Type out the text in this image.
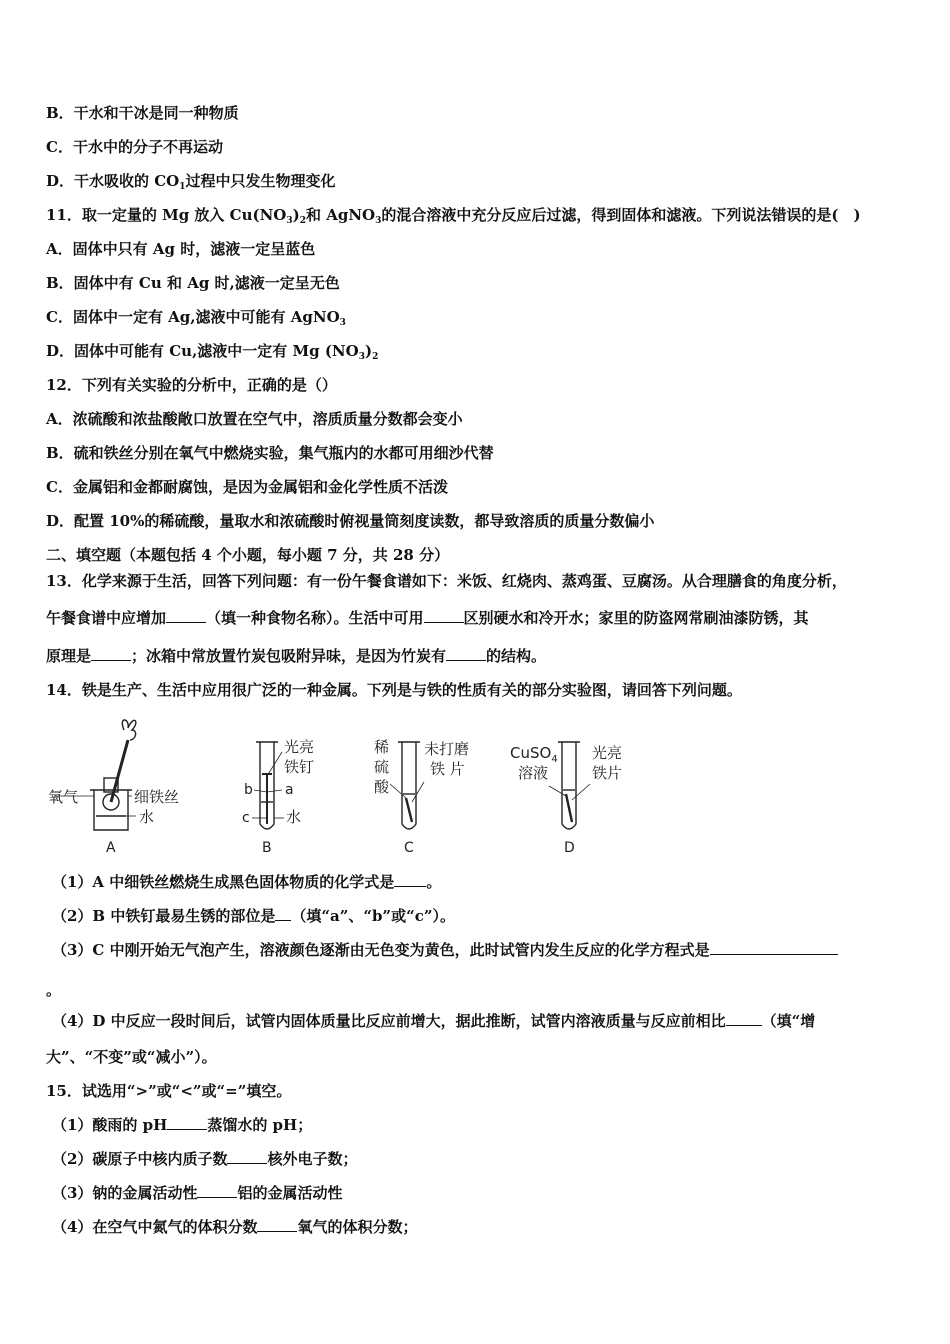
B．干水和干冰是同一种物质
C．干水中的分子不再运动
D．干水吸收的 $CO_1$过程中只发生物理变化
11．取一定量的 Mg 放入 $Cu(NO_3)_2$和 AgNO$_3$的混合溶液中充分反应后过滤，得到固体和滤液。下列说法错误的是(　)
A．固体中只有 Ag 时，滤液一定呈蓝色
B．固体中有 Cu 和 Ag 时,滤液一定呈无色
C．固体中一定有 Ag,滤液中可能有 AgNO$_3$
D．固体中可能有 Cu,滤液中一定有 Mg $(NO_3)_2$
12．下列有关实验的分析中，正确的是（）
A．浓硫酸和浓盐酸敞口放置在空气中，溶质质量分数都会变小
B．硫和铁丝分别在氧气中燃烧实验，集气瓶内的水都可用细沙代替
C．金属铝和金都耐腐蚀，是因为金属铝和金化学性质不活泼
D．配置 10%的稀硫酸，量取水和浓硫酸时俯视量筒刻度读数，都导致溶质的质量分数偏小
二、填空题（本题包括 4 个小题，每小题 7 分，共 28 分）
13．化学来源于生活，回答下列问题：有一份午餐食谱如下：米饭、红烧肉、蒸鸡蛋、豆腐汤。从合理膳食的角度分析，
午餐食谱中应增加	（填一种食物名称）。生活中可用	区别硬水和冷开水；家里的防盗网常刷油漆防锈，其
原理是	；冰箱中常放置竹炭包吸附异味，是因为竹炭有	的结构。
14．铁是生产、生活中应用很广泛的一种金属。下列是与铁的性质有关的部分实验图，请回答下列问题。
氧气	细铁丝
水
A
光亮
铁钉
b a
c 水
B
稀
硫
酸
未打磨
铁 片
C
CuSO$_4$
溶液
光亮
铁片
D
（1）A 中细铁丝燃烧生成黑色固体物质的化学式是 。
（2）B 中铁钉最易生锈的部位是 （填“a”、“b”或“c”）。
（3）C 中刚开始无气泡产生，溶液颜色逐渐由无色变为黄色，此时试管内发生反应的化学方程式是
。
（4）D 中反应一段时间后，试管内固体质量比反应前增大，据此推断，试管内溶液质量与反应前相比 （填“增
大”、“不变”或“减小”）。
15．试选用“>”或“<”或“=”填空。
（1）酸雨的 pH	蒸馏水的 pH；
（2）碳原子中核内质子数	核外电子数；
（3）钠的金属活动性	铝的金属活动性
（4）在空气中氮气的体积分数	氧气的体积分数；
